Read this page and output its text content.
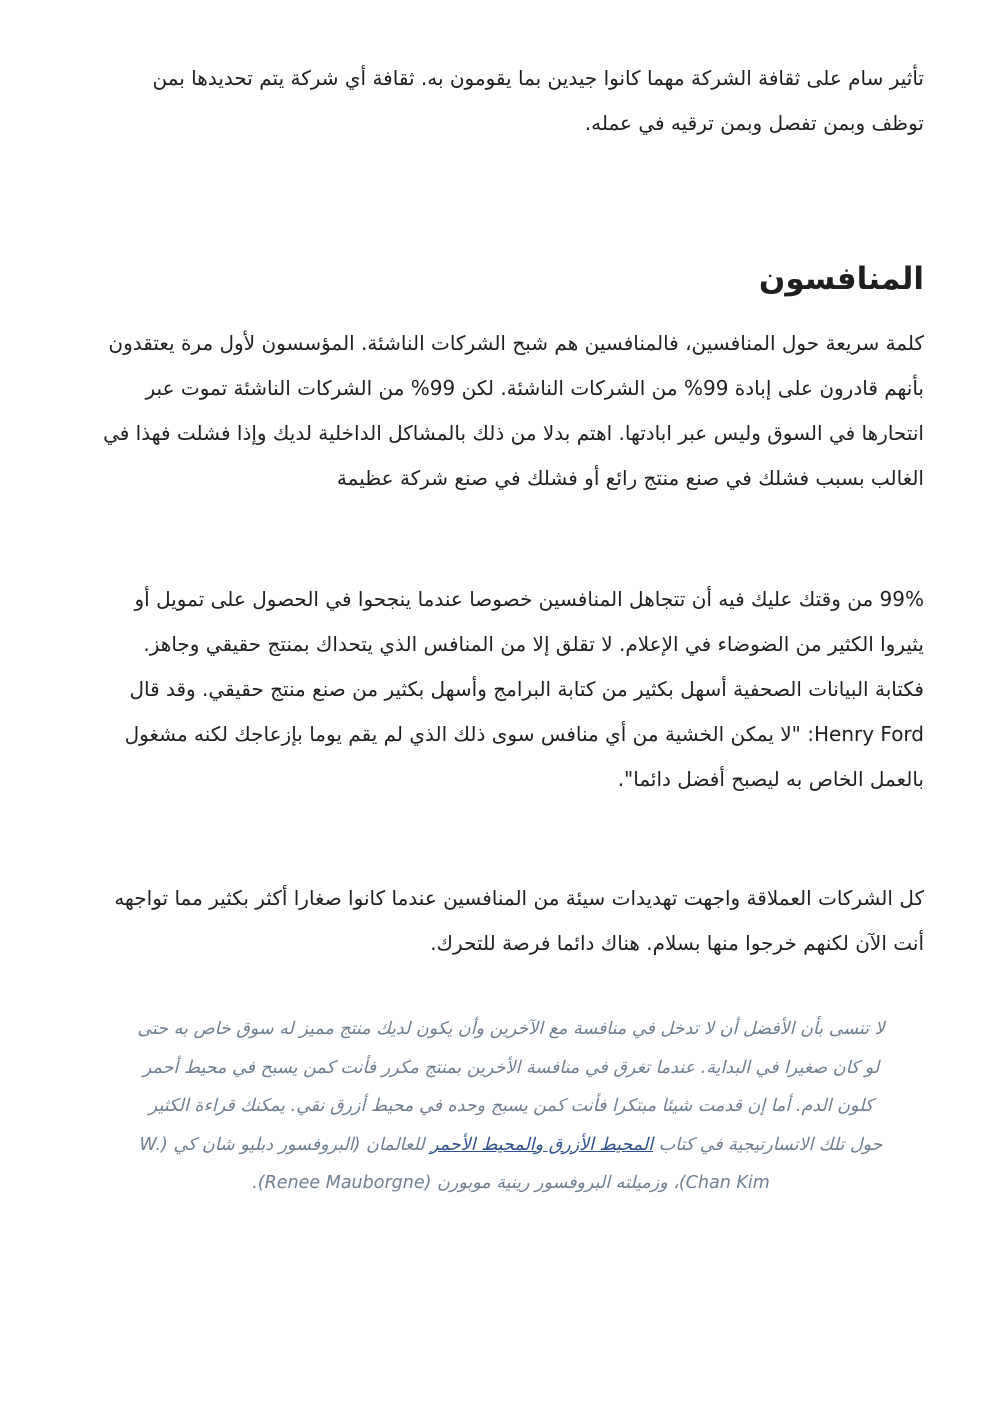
تأثير سام على ثقافة الشركة مهما كانوا جيدين بما يقومون به. ثقافة أي شركة يتم تحديدها بمن توظف وبمن تفصل وبمن ترقيه في عمله.

المنافسون

كلمة سريعة حول المنافسين، فالمنافسين هم شبح الشركات الناشئة. المؤسسون لأول مرة يعتقدون بأنهم قادرون على إبادة 99% من الشركات الناشئة. لكن 99% من الشركات الناشئة تموت عبر انتحارها في السوق وليس عبر ابادتها. اهتم بدلا من ذلك بالمشاكل الداخلية لديك وإذا فشلت فهذا في الغالب بسبب فشلك في صنع منتج رائع أو فشلك في صنع شركة عظيمة

99% من وقتك عليك فيه أن تتجاهل المنافسين خصوصا عندما ينجحوا في الحصول على تمويل أو يثيروا الكثير من الضوضاء في الإعلام. لا تقلق إلا من المنافس الذي يتحداك بمنتج حقيقي وجاهز. فكتابة البيانات الصحفية أسهل بكثير من كتابة البرامج وأسهل بكثير من صنع منتج حقيقي. وقد قال Henry Ford: "لا يمكن الخشية من أي منافس سوى ذلك الذي لم يقم يوما بإزعاجك لكنه مشغول بالعمل الخاص به ليصبح أفضل دائما".

كل الشركات العملاقة واجهت تهديدات سيئة من المنافسين عندما كانوا صغارا أكثر بكثير مما تواجهه أنت الآن لكنهم خرجوا منها بسلام. هناك دائما فرصة للتحرك.

لا تنسى بأن الأفضل أن لا تدخل في منافسة مع الآخرين وأن يكون لديك منتج مميز له سوق خاص به حتى لو كان صغيرا في البداية. عندما تغرق في منافسة الأخرين بمنتج مكرر فأنت كمن يسبح في محيط أحمر كلون الدم. أما إن قدمت شيئا مبتكرا فأنت كمن يسبح وحده في محيط أزرق نقي. يمكنك قراءة الكثير حول تلك الاتسارتيجية في كتاب المحيط الأزرق والمحيط الأحمر للعالمان (البروفسور دبليو شان كي (W. Chan Kim)، وزميلته البروفسور رينية موبورن (Renee Mauborgne).
